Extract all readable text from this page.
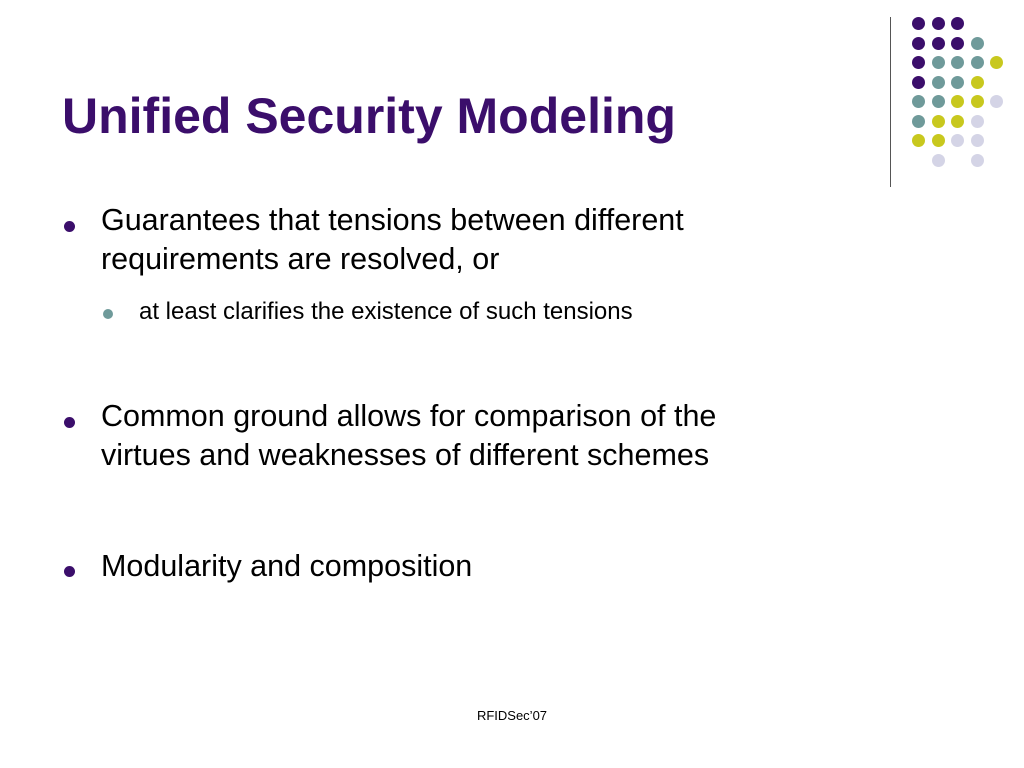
Unified Security Modeling
Guarantees that tensions between different
requirements are resolved, or
at least clarifies the existence of such tensions
Common ground allows for comparison of the
virtues and weaknesses of different schemes
Modularity and composition
RFIDSec’07
